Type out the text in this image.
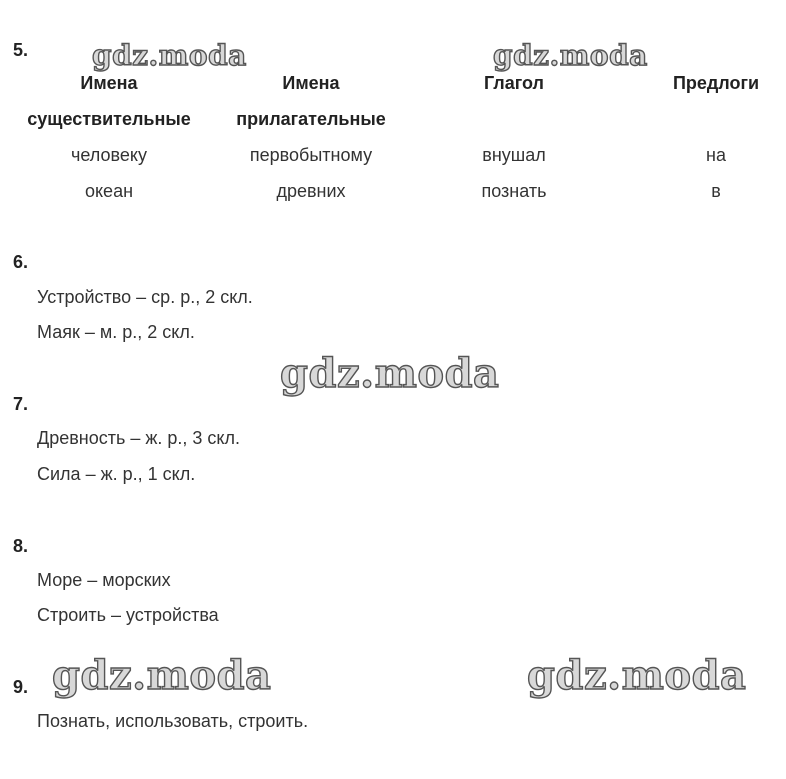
gdz.moda	gdz.moda
gdz.moda
gdz.moda	gdz.moda
5.
Имена	Имена	Глагол	Предлоги
существительные	прилагательные
человеку	первобытному	внушал	на
океан	древних	познать	в
6.
Устройство – ср. р., 2 скл.
Маяк – м. р., 2 скл.
7.
Древность – ж. р., 3 скл.
Сила – ж. р., 1 скл.
8.
Море – морских
Строить – устройства
9.
Познать, использовать, строить.
